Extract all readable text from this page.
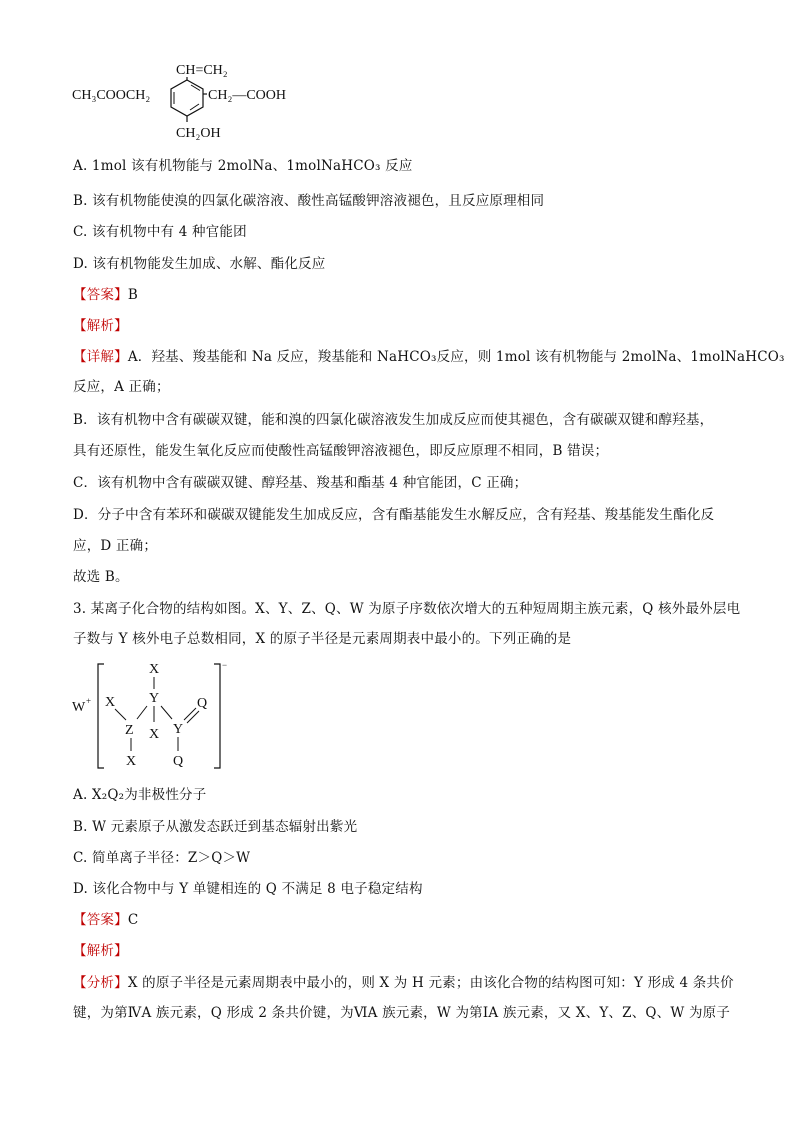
CH₃COOCH₂
CH=CH₂
CH₂—COOH
CH₂OH
A. 1mol 该有机物能与 2molNa、1molNaHCO₃ 反应
B. 该有机物能使溴的四氯化碳溶液、酸性高锰酸钾溶液褪色，且反应原理相同
C. 该有机物中有 4 种官能团
D. 该有机物能发生加成、水解、酯化反应
【答案】B
【解析】
【详解】A．羟基、羧基能和 Na 反应，羧基能和 NaHCO₃反应，则 1mol 该有机物能与 2molNa、1molNaHCO₃
反应，A 正确；
B．该有机物中含有碳碳双键，能和溴的四氯化碳溶液发生加成反应而使其褪色，含有碳碳双键和醇羟基，
具有还原性，能发生氧化反应而使酸性高锰酸钾溶液褪色，即反应原理不相同，B 错误；
C．该有机物中含有碳碳双键、醇羟基、羧基和酯基 4 种官能团，C 正确；
D．分子中含有苯环和碳碳双键能发生加成反应，含有酯基能发生水解反应，含有羟基、羧基能发生酯化反
应，D 正确；
故选 B。
3. 某离子化合物的结构如图。X、Y、Z、Q、W 为原子序数依次增大的五种短周期主族元素，Q 核外最外层电
子数与 Y 核外电子总数相同，X 的原子半径是元素周期表中最小的。下列正确的是
W +
−
X
Y
X
Z X Y
Q
X	Q
A. X₂Q₂为非极性分子
B. W 元素原子从激发态跃迁到基态辐射出紫光
C. 简单离子半径：Z＞Q＞W
D. 该化合物中与 Y 单键相连的 Q 不满足 8 电子稳定结构
【答案】C
【解析】
【分析】X 的原子半径是元素周期表中最小的，则 X 为 H 元素；由该化合物的结构图可知：Y 形成 4 条共价
键，为第ⅣA 族元素，Q 形成 2 条共价键，为ⅥA 族元素，W 为第ⅠA 族元素，又 X、Y、Z、Q、W 为原子
